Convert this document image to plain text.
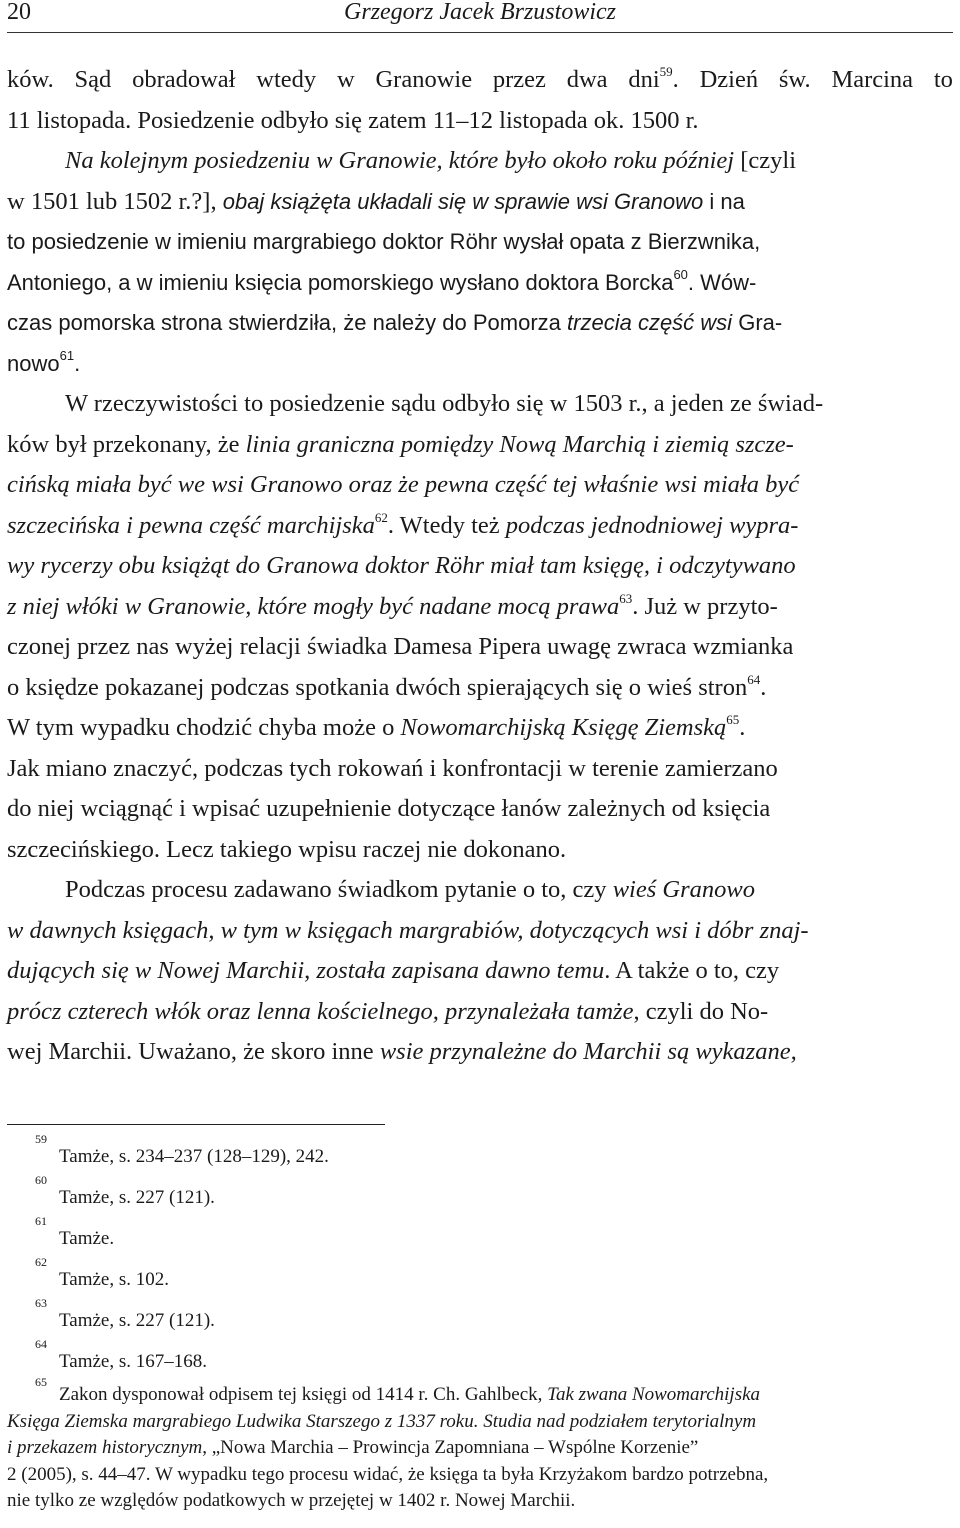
20	Grzegorz Jacek Brzustowicz
ków. Sąd obradował wtedy w Granowie przez dwa dni$^{59}$. Dzień św. Marcina to
11 listopada. Posiedzenie odbyło się zatem 11–12 listopada ok. 1500 r.
Na kolejnym posiedzeniu w Granowie, które było około roku później [czyli
w 1501 lub 1502 r.?], obaj książęta układali się w sprawie wsi Granowo i na
to posiedzenie w imieniu margrabiego doktor Röhr wysłał opata z Bierzwnika,
Antoniego, a w imieniu księcia pomorskiego wysłano doktora Borcka$^{60}$. Wów-
czas pomorska strona stwierdziła, że należy do Pomorza trzecia część wsi Gra-
nowo$^{61}$.
W rzeczywistości to posiedzenie sądu odbyło się w 1503 r., a jeden ze świad-
ków był przekonany, że linia graniczna pomiędzy Nową Marchią i ziemią szcze-
cińską miała być we wsi Granowo oraz że pewna część tej właśnie wsi miała być
szczecińska i pewna część marchijska$^{62}$. Wtedy też podczas jednodniowej wypra-
wy rycerzy obu książąt do Granowa doktor Röhr miał tam księgę, i odczytywano
z niej włóki w Granowie, które mogły być nadane mocą prawa$^{63}$. Już w przyto-
czonej przez nas wyżej relacji świadka Damesa Pipera uwagę zwraca wzmianka
o księdze pokazanej podczas spotkania dwóch spierających się o wieś stron$^{64}$.
W tym wypadku chodzić chyba może o Nowomarchijską Księgę Ziemską$^{65}$.
Jak miano znaczyć, podczas tych rokowań i konfrontacji w terenie zamierzano
do niej wciągnąć i wpisać uzupełnienie dotyczące łanów zależnych od księcia
szczecińskiego. Lecz takiego wpisu raczej nie dokonano.
Podczas procesu zadawano świadkom pytanie o to, czy wieś Granowo
w dawnych księgach, w tym w księgach margrabiów, dotyczących wsi i dóbr znaj-
dujących się w Nowej Marchii, została zapisana dawno temu. A także o to, czy
prócz czterech włók oraz lenna kościelnego, przynależała tamże, czyli do No-
wej Marchii. Uważano, że skoro inne wsie przynależne do Marchii są wykazane,
59
Tamże, s. 234–237 (128–129), 242.
60
Tamże, s. 227 (121).
61
Tamże.
62
Tamże, s. 102.
63
Tamże, s. 227 (121).
64
Tamże, s. 167–168.
65
Zakon dysponował odpisem tej księgi od 1414 r. Ch. Gahlbeck, Tak zwana Nowomarchijska
Księga Ziemska margrabiego Ludwika Starszego z 1337 roku. Studia nad podziałem terytorialnym
i przekazem historycznym, „Nowa Marchia – Prowincja Zapomniana – Wspólne Korzenie”
2 (2005), s. 44–47. W wypadku tego procesu widać, że księga ta była Krzyżakom bardzo potrzebna,
nie tylko ze względów podatkowych w przejętej w 1402 r. Nowej Marchii.
